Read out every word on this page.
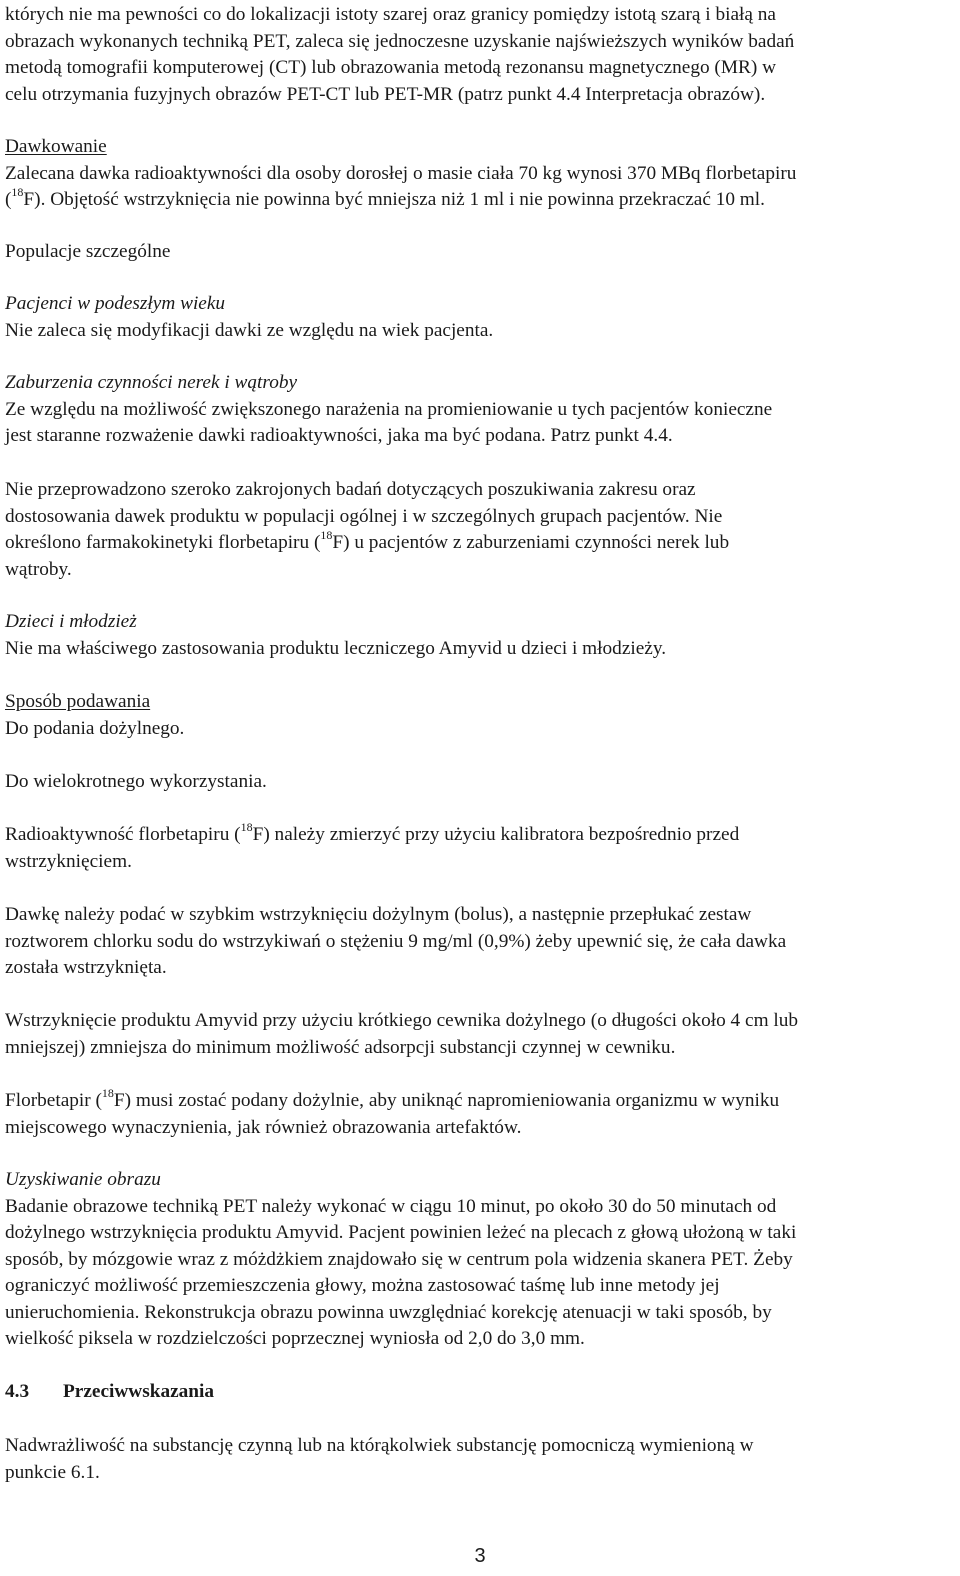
których nie ma pewności co do lokalizacji istoty szarej oraz granicy pomiędzy istotą szarą i białą na
obrazach wykonanych techniką PET, zaleca się jednoczesne uzyskanie najświeższych wyników badań
metodą tomografii komputerowej (CT) lub obrazowania metodą rezonansu magnetycznego (MR) w
celu otrzymania fuzyjnych obrazów PET-CT lub PET-MR (patrz punkt 4.4 Interpretacja obrazów).

Dawkowanie
Zalecana dawka radioaktywności dla osoby dorosłej o masie ciała 70 kg wynosi 370 MBq florbetapiru
($^{18}$F). Objętość wstrzyknięcia nie powinna być mniejsza niż 1 ml i nie powinna przekraczać 10 ml.

Populacje szczególne

Pacjenci w podeszłym wieku
Nie zaleca się modyfikacji dawki ze względu na wiek pacjenta.

Zaburzenia czynności nerek i wątroby
Ze względu na możliwość zwiększonego narażenia na promieniowanie u tych pacjentów konieczne
jest staranne rozważenie dawki radioaktywności, jaka ma być podana. Patrz punkt 4.4.

Nie przeprowadzono szeroko zakrojonych badań dotyczących poszukiwania zakresu oraz
dostosowania dawek produktu w populacji ogólnej i w szczególnych grupach pacjentów. Nie
określono farmakokinetyki florbetapiru ($^{18}$F) u pacjentów z zaburzeniami czynności nerek lub
wątroby.

Dzieci i młodzież
Nie ma właściwego zastosowania produktu leczniczego Amyvid u dzieci i młodzieży.

Sposób podawania
Do podania dożylnego.

Do wielokrotnego wykorzystania.

Radioaktywność florbetapiru ($^{18}$F) należy zmierzyć przy użyciu kalibratora bezpośrednio przed
wstrzyknięciem.

Dawkę należy podać w szybkim wstrzyknięciu dożylnym (bolus), a następnie przepłukać zestaw
roztworem chlorku sodu do wstrzykiwań o stężeniu 9 mg/ml (0,9%) żeby upewnić się, że cała dawka
została wstrzyknięta.

Wstrzyknięcie produktu Amyvid przy użyciu krótkiego cewnika dożylnego (o długości około 4 cm lub
mniejszej) zmniejsza do minimum możliwość adsorpcji substancji czynnej w cewniku.

Florbetapir ($^{18}$F) musi zostać podany dożylnie, aby uniknąć napromieniowania organizmu w wyniku
miejscowego wynaczynienia, jak również obrazowania artefaktów.

Uzyskiwanie obrazu
Badanie obrazowe techniką PET należy wykonać w ciągu 10 minut, po około 30 do 50 minutach od
dożylnego wstrzyknięcia produktu Amyvid. Pacjent powinien leżeć na plecach z głową ułożoną w taki
sposób, by mózgowie wraz z móżdżkiem znajdowało się w centrum pola widzenia skanera PET. Żeby
ograniczyć możliwość przemieszczenia głowy, można zastosować taśmę lub inne metody jej
unieruchomienia. Rekonstrukcja obrazu powinna uwzględniać korekcję atenuacji w taki sposób, by
wielkość piksela w rozdzielczości poprzecznej wyniosła od 2,0 do 3,0 mm.

4.3 Przeciwwskazania

Nadwrażliwość na substancję czynną lub na którąkolwiek substancję pomocniczą wymienioną w
punkcie 6.1.

3
